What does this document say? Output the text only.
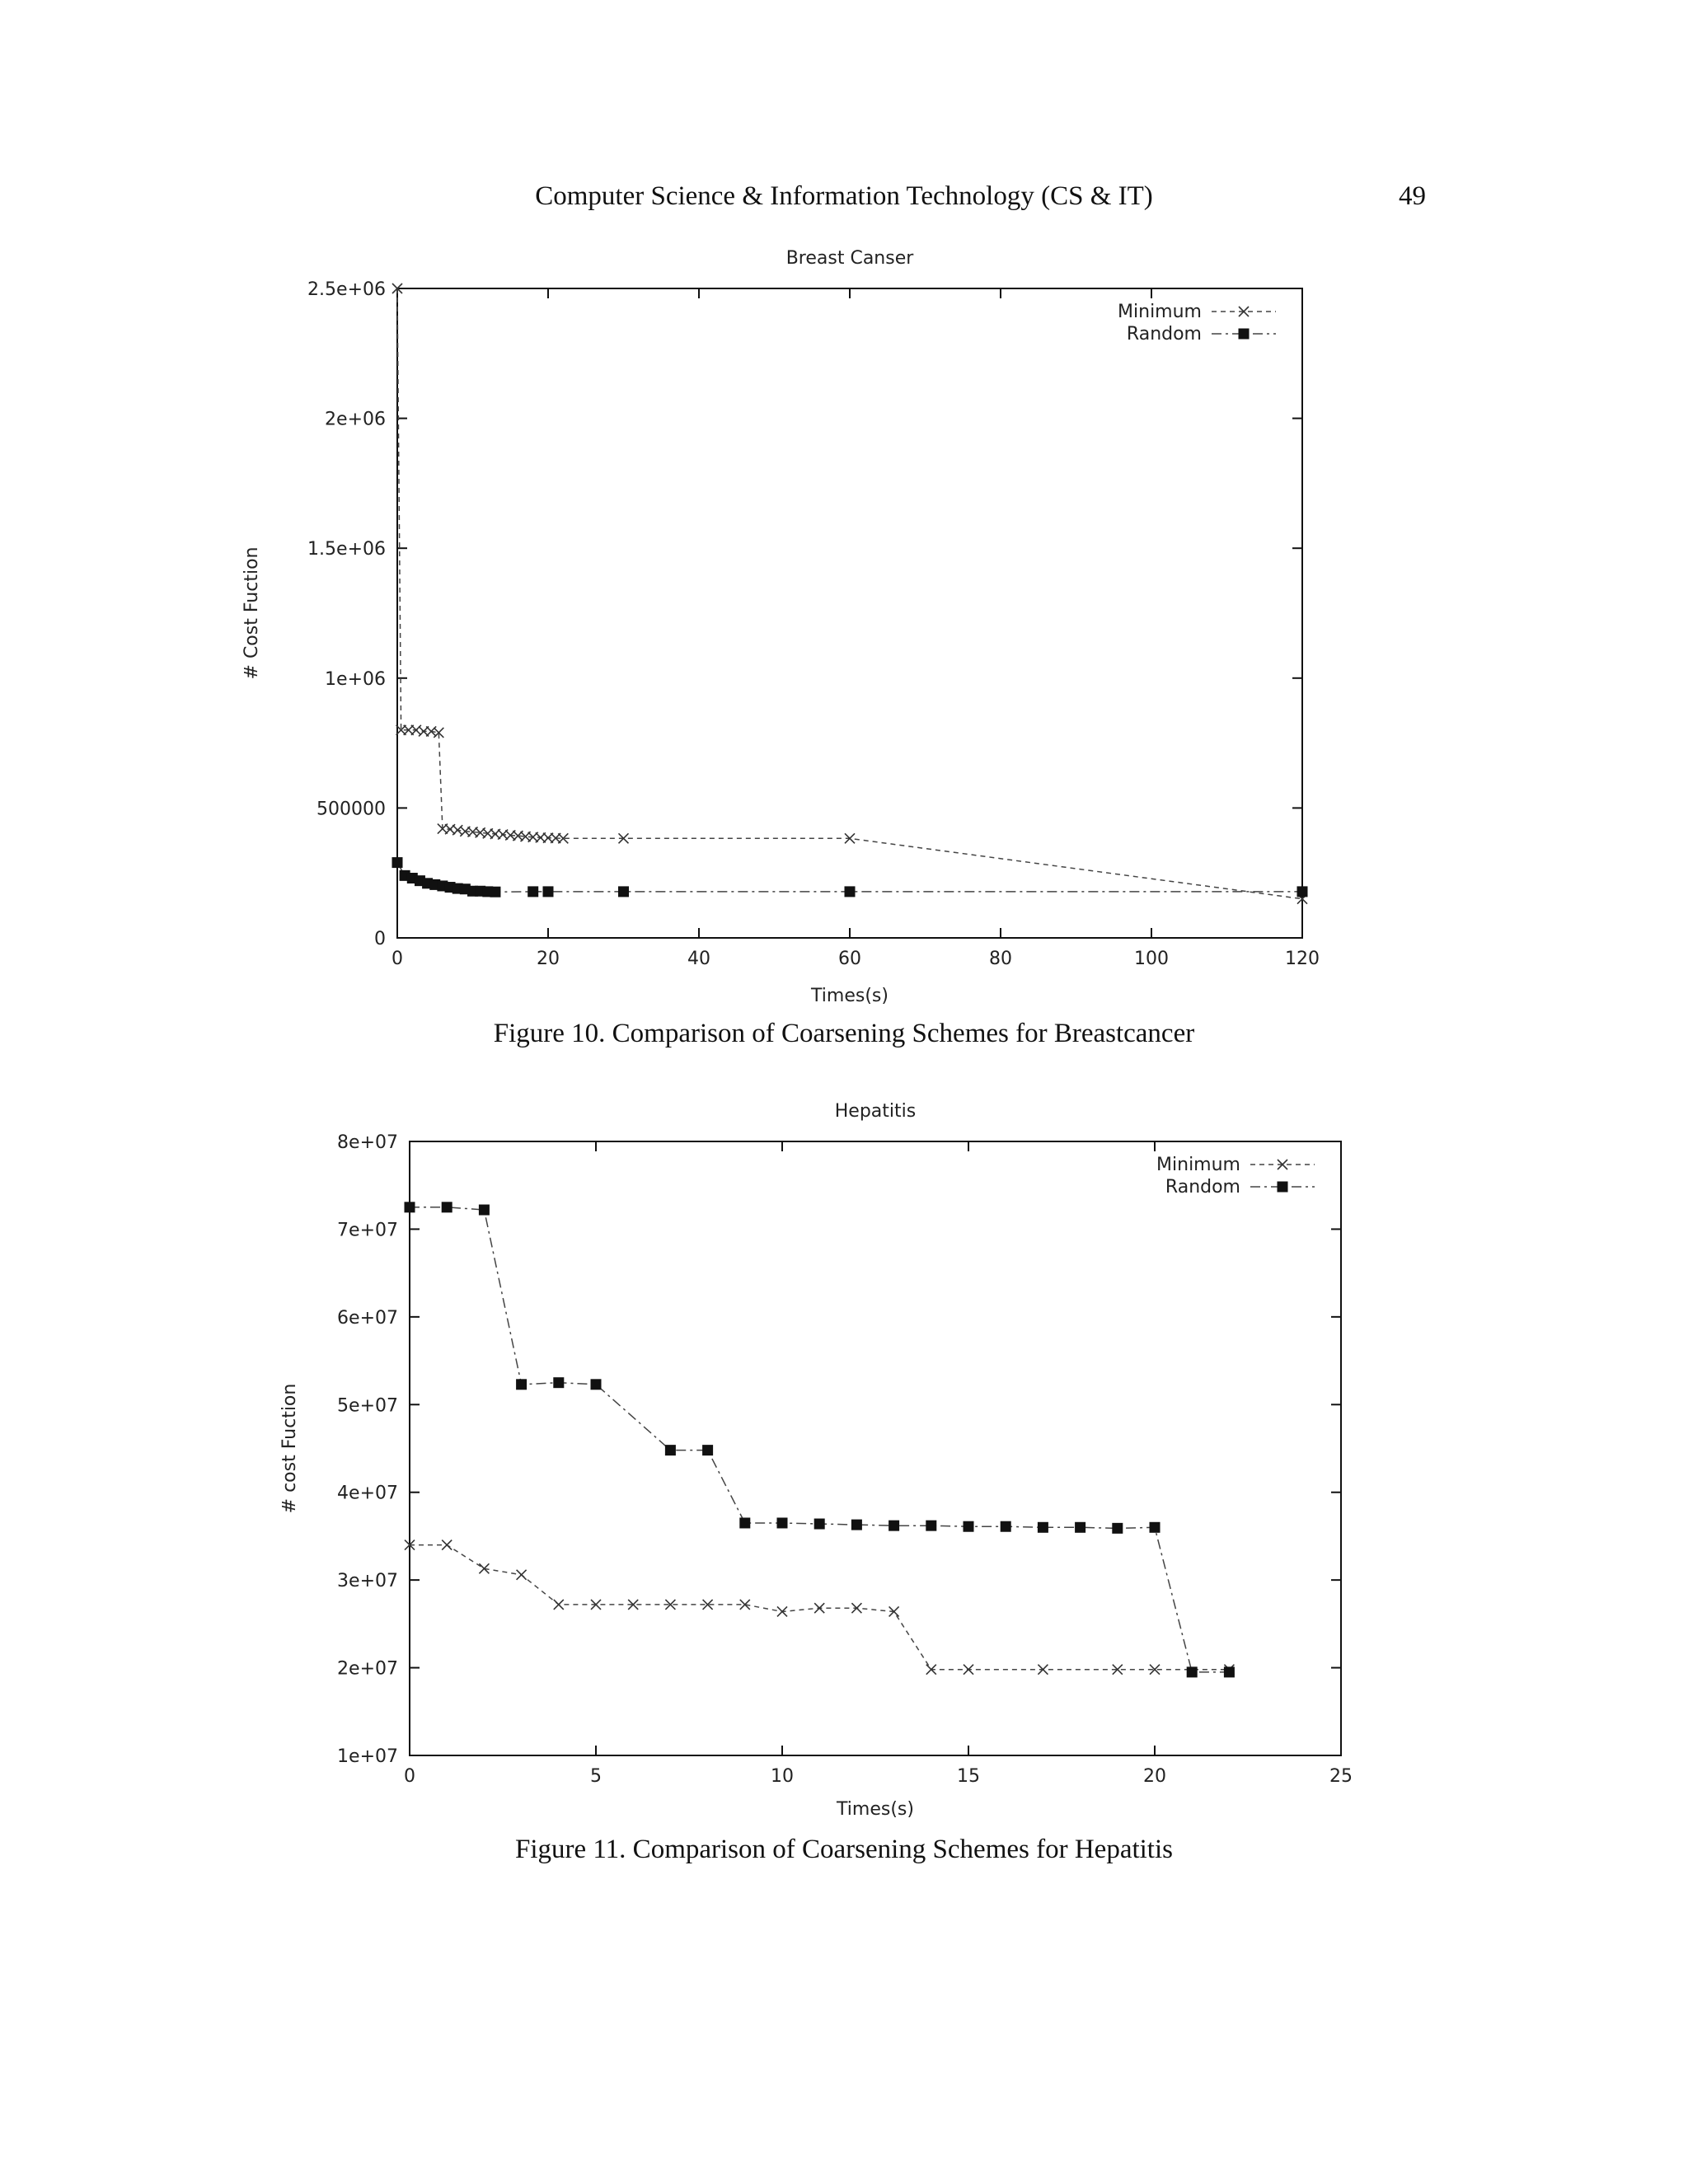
Computer Science & Information Technology (CS & IT)	49
Breast Canser
0	20	40	60	80	100	120
0
500000
1e+06
1.5e+06
2e+06
2.5e+06
Times(s)
# Cost Fuction
Minimum
Random
Figure 10. Comparison of Coarsening Schemes for Breastcancer
Hepatitis
0	5	10	15	20	25
1e+07
2e+07
3e+07
4e+07
5e+07
6e+07
7e+07
8e+07
Times(s)
# cost Fuction
Minimum
Random
Figure 11. Comparison of Coarsening Schemes for Hepatitis
